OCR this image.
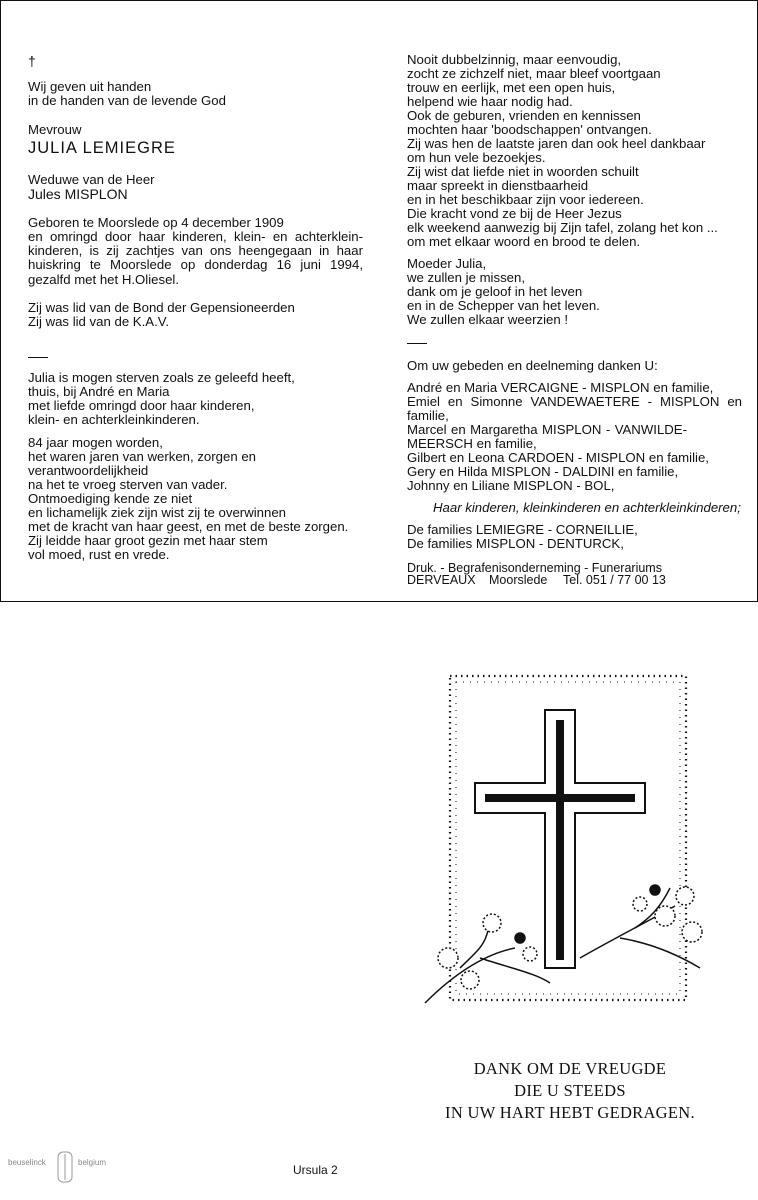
†
Wij geven uit handen
in de handen van de levende God
Mevrouw
JULIA LEMIEGRE
Weduwe van de Heer
Jules MISPLON
Geboren te Moorslede op 4 december 1909
en omringd door haar kinderen, klein- en achterklein-kinderen, is zij zachtjes van ons heengegaan in haar huiskring te Moorslede op donderdag 16 juni 1994, gezalfd met het H.Oliesel.
Zij was lid van de Bond der Gepensioneerden
Zij was lid van de K.A.V.
Julia is mogen sterven zoals ze geleefd heeft,
thuis, bij André en Maria
met liefde omringd door haar kinderen,
klein- en achterkleinkinderen.
84 jaar mogen worden,
het waren jaren van werken, zorgen en
verantwoordelijkheid
na het te vroeg sterven van vader.
Ontmoediging kende ze niet
en lichamelijk ziek zijn wist zij te overwinnen
met de kracht van haar geest, en met de beste zorgen.
Zij leidde haar groot gezin met haar stem
vol moed, rust en vrede.
Nooit dubbelzinnig, maar eenvoudig,
zocht ze zichzelf niet, maar bleef voortgaan
trouw en eerlijk, met een open huis,
helpend wie haar nodig had.
Ook de geburen, vrienden en kennissen
mochten haar 'boodschappen' ontvangen.
Zij was hen de laatste jaren dan ook heel dankbaar
om hun vele bezoekjes.
Zij wist dat liefde niet in woorden schuilt
maar spreekt in dienstbaarheid
en in het beschikbaar zijn voor iedereen.
Die kracht vond ze bij de Heer Jezus
elk weekend aanwezig bij Zijn tafel, zolang het kon ...
om met elkaar woord en brood te delen.
Moeder Julia,
we zullen je missen,
dank om je geloof in het leven
en in de Schepper van het leven.
We zullen elkaar weerzien !
Om uw gebeden en deelneming danken U:
André en Maria VERCAIGNE - MISPLON en familie,
Emiel en Simonne VANDEWAETERE - MISPLON en familie,
Marcel en Margaretha MISPLON - VANWILDE-MEERSCH en familie,
Gilbert en Leona CARDOEN - MISPLON en familie,
Gery en Hilda MISPLON - DALDINI en familie,
Johnny en Liliane MISPLON - BOL,
Haar kinderen, kleinkinderen en achterkleinkinderen;
De families LEMIEGRE - CORNEILLIE,
De families MISPLON - DENTURCK,
Druk. - Begrafenisonderneming - Funerariums
DERVEAUX Moorslede Tel. 051 / 77 00 13
DANK OM DE VREUGDE
DIE U STEEDS
IN UW HART HEBT GEDRAGEN.
Ursula 2
beuselinck	belgium
